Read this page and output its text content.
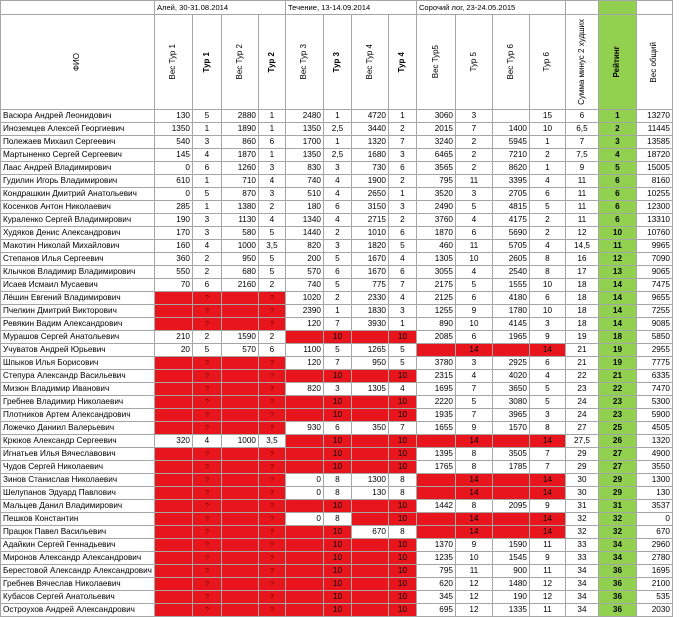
	Алей, 30-31.08.2014				Течение, 13-14.09.2014				Сорочий лог, 23-24.05.2015						

ФИО	Вес Тур 1	Тур 1	Вес Тур 2	Тур 2	Вес Тур 3	Тур 3	Вес Тур 4	Тур 4	Вес Тур5	Тур 5	Вес Тур 6	Тур 6	Сумма минус 2 худших	Рейтинг	Вес общий

Васюра Андрей Леонидович	130	5	2880	1	2480	1	4720	1	3060	3		15	6	1	13270
Иноземцев Алексей Георгиевич	1350	1	1890	1	1350	2,5	3440	2	2015	7	1400	10	6,5	2	11445
Полежаев Михаил Сергеевич	540	3	860	6	1700	1	1320	7	3240	2	5945	1	7	3	13585
Мартыненко Сергей Сергеевич	145	4	1870	1	1350	2,5	1680	3	6465	2	7210	2	7,5	4	18720
Лаас Андрей Владимирович	0	6	1260	3	830	3	730	6	3565	2	8620	1	9	5	15005
Гудилин Игорь Владимирович	610	1	710	4	740	4	1900	2	795	11	3395	4	11	6	8160
Кондрашкин Дмитрий Анатольевич	0	5	870	3	510	4	2650	1	3520	3	2705	6	11	6	10255
Косенков Антон Николаевич	285	1	1380	2	180	6	3150	3	2490	5	4815	5	11	6	12300
Кураленко Сергей Владимирович	190	3	1130	4	1340	4	2715	2	3760	4	4175	2	11	6	13310
Худяков Денис Александрович	170	3	580	5	1440	2	1010	6	1870	6	5690	2	12	10	10760
Макотин Николай Михайлович	160	4	1000	3,5	820	3	1820	5	460	11	5705	4	14,5	11	9965
Степанов Илья Сергеевич	360	2	950	5	200	5	1670	4	1305	10	2605	8	16	12	7090
Клычков Владимир Владимирович	550	2	680	5	570	6	1670	6	3055	4	2540	8	17	13	9065
Исаев Исмаил Мусаевич	70	6	2160	2	740	5	775	7	2175	5	1555	10	18	14	7475
Лёшин Евгений Владимирович		?		?	1020	2	2330	4	2125	6	4180	6	18	14	9655
Пчелкин Дмитрий Викторович		?		?	2390	1	1830	3	1255	9	1780	10	18	14	7255
Ревякин Вадим Александрович		?		?	120	7	3930	1	890	10	4145	3	18	14	9085
Мурашов Сергей Анатольевич	210	2	1590	2		10		10	2085	6	1965	9	19	18	5850
Учуватов Андрей Юрьевич	20	5	570	6	1100	5	1265	5		14		14	21	19	2955
Шпыков Илья Борисович		?		?	120	7	950	5	3780	3	2925	6	21	19	7775
Степура Александр Васильевич		?		?		10		10	2315	4	4020	4	22	21	6335
Мизюн Владимир Иванович		?		?	820	3	1305	4	1695	7	3650	5	23	22	7470
Гребнев Владимир Николаевич		?		?		10		10	2220	5	3080	5	24	23	5300
Плотников Артем Александрович		?		?		10		10	1935	7	3965	3	24	23	5900
Ложечко Даниил Валерьевич		?		?	930	6	350	7	1655	9	1570	8	27	25	4505
Крюков Александр Сергеевич	320	4	1000	3,5		10		10		14		14	27,5	26	1320
Игнатьев Илья Вячеславович		?		?		10		10	1395	8	3505	7	29	27	4900
Чудов Сергей Николаевич		?		?		10		10	1765	8	1785	7	29	27	3550
Зинов Станислав Николаевич		?		?	0	8	1300	8		14		14	30	29	1300
Шелупанов Эдуард Павлович		?		?	0	8	130	8		14		14	30	29	130
Мальцев Данил Владимирович		?		?		10		10	1442	8	2095	9	31	31	3537
Пешков Константин		?		?	0	8		10		14		14	32	32	0
Працюк Павел Васильевич		?		?		10	670	8		14		14	32	32	670
Адайкин Сергей Геннадьевич		?		?		10		10	1370	9	1590	11	33	34	2960
Миронов Александр Александрович		?		?		10		10	1235	10	1545	9	33	34	2780
Берестовой Александр Александрович		?		?		10		10	795	11	900	11	34	36	1695
Гребнев Вячеслав Николаевич		?		?		10		10	620	12	1480	12	34	36	2100
Кубасов Сергей Анатольевич		?		?		10		10	345	12	190	12	34	36	535
Остроухов Андрей Александрович		?		?		10		10	695	12	1335	11	34	36	2030
